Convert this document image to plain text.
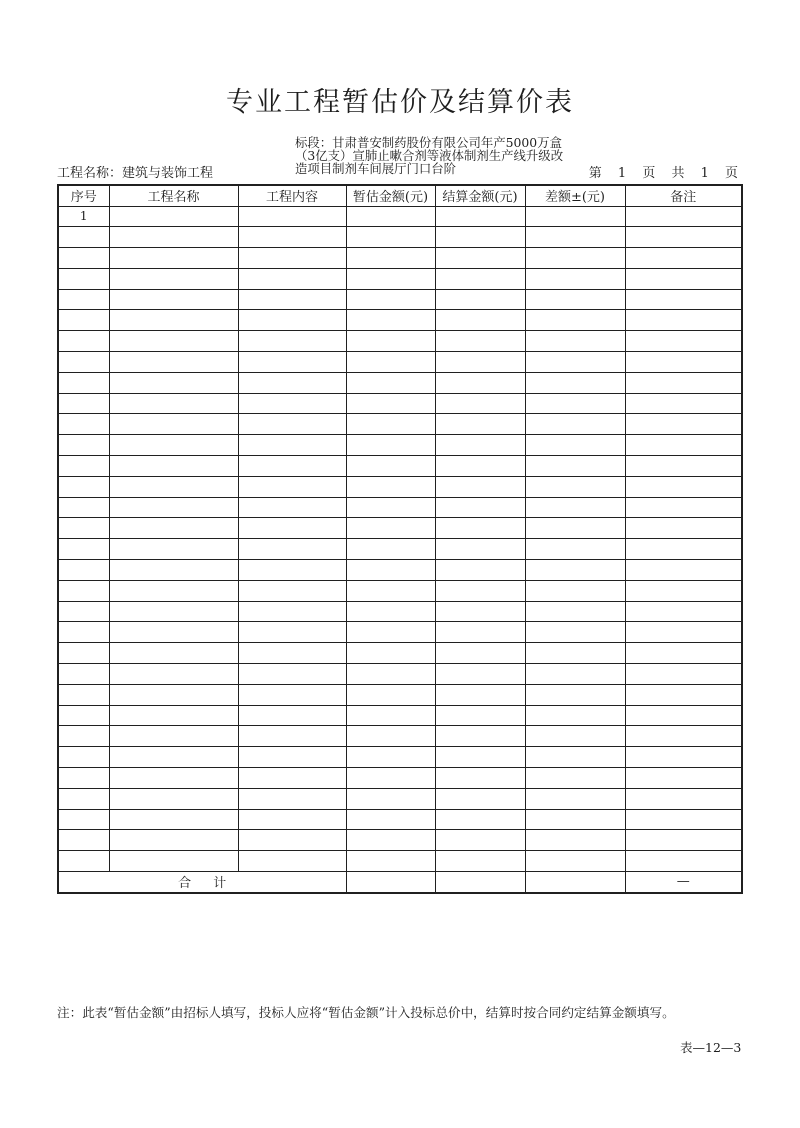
专业工程暂估价及结算价表
工程名称：建筑与装饰工程
标段：甘肃普安制药股份有限公司年产5000万盒
（3亿支）宣肺止嗽合剂等液体制剂生产线升级改
造项目制剂车间展厅门口台阶	第 1 页 共 1 页
序号	工程名称	工程内容	暂估金额(元)	结算金额(元)	差额±(元)	备注
1						

合 计						—
注：此表“暂估金额”由招标人填写，投标人应将“暂估金额”计入投标总价中，结算时按合同约定结算金额填写。
表—12—3
